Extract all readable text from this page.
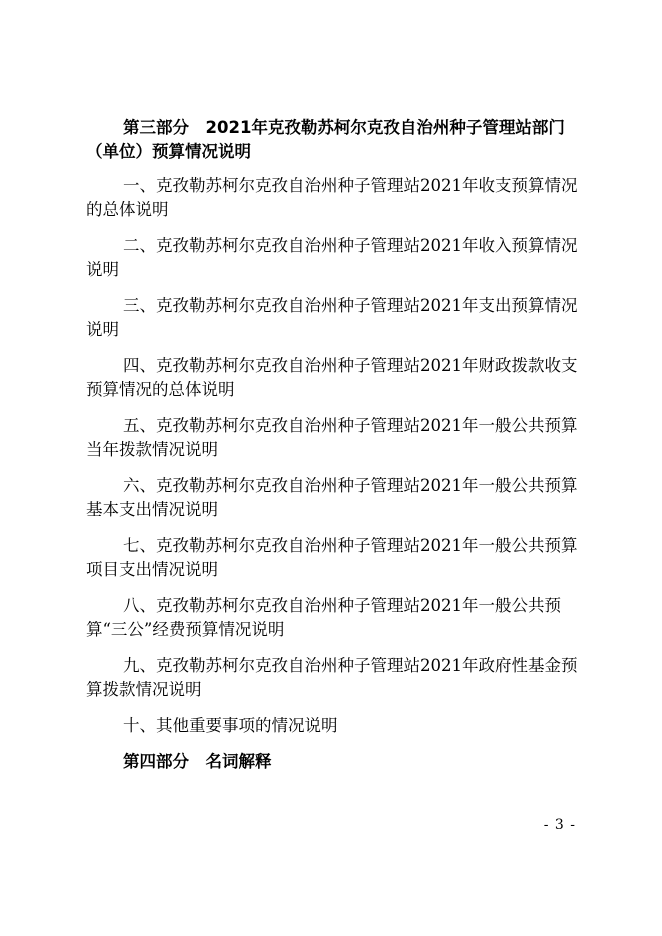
第三部分　2021年克孜勒苏柯尔克孜自治州种子管理站部门（单位）预算情况说明

一、克孜勒苏柯尔克孜自治州种子管理站2021年收支预算情况的总体说明

二、克孜勒苏柯尔克孜自治州种子管理站2021年收入预算情况说明

三、克孜勒苏柯尔克孜自治州种子管理站2021年支出预算情况说明

四、克孜勒苏柯尔克孜自治州种子管理站2021年财政拨款收支预算情况的总体说明

五、克孜勒苏柯尔克孜自治州种子管理站2021年一般公共预算当年拨款情况说明

六、克孜勒苏柯尔克孜自治州种子管理站2021年一般公共预算基本支出情况说明

七、克孜勒苏柯尔克孜自治州种子管理站2021年一般公共预算项目支出情况说明

八、克孜勒苏柯尔克孜自治州种子管理站2021年一般公共预算“三公”经费预算情况说明

九、克孜勒苏柯尔克孜自治州种子管理站2021年政府性基金预算拨款情况说明

十、其他重要事项的情况说明

第四部分　名词解释

- 3 -
